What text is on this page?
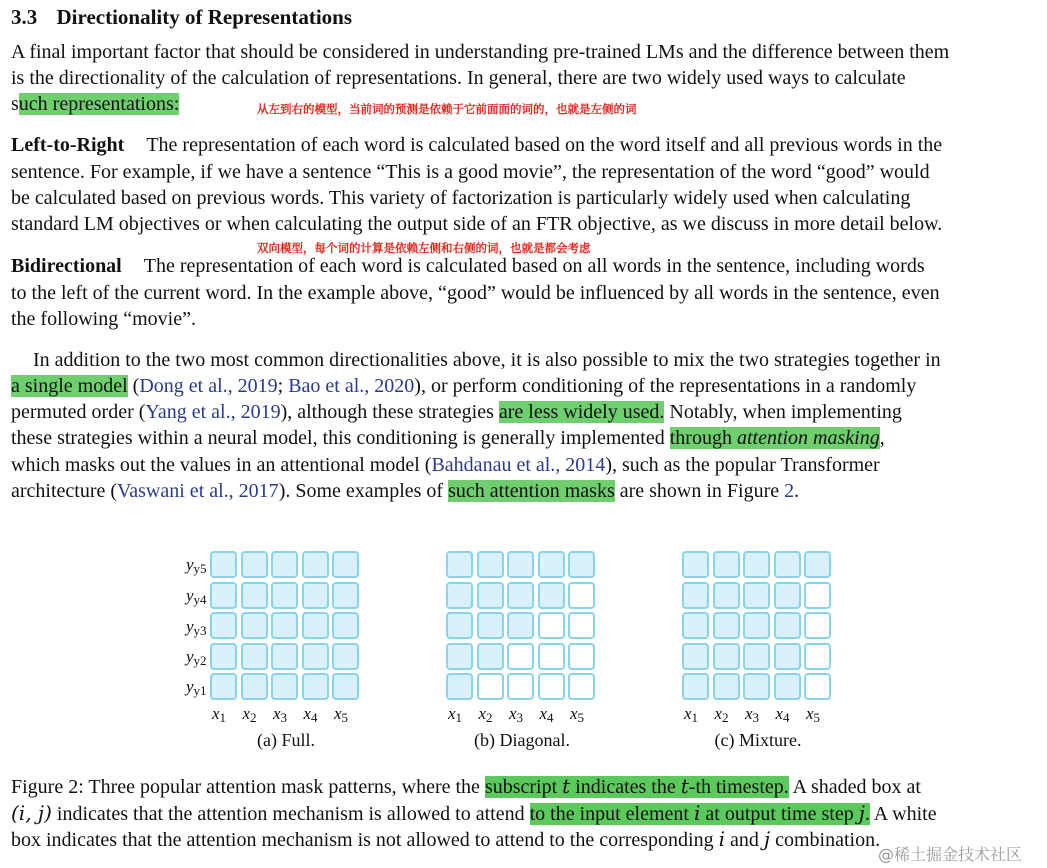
3.3 Directionality of Representations
A final important factor that should be considered in understanding pre-trained LMs and the difference between them
is the directionality of the calculation of representations. In general, there are two widely used ways to calculate
such representations:	从左到右的模型，当前词的预测是依赖于它前面面的词的，也就是左侧的词
Left-to-Right The representation of each word is calculated based on the word itself and all previous words in the
sentence. For example, if we have a sentence “This is a good movie”, the representation of the word “good” would
be calculated based on previous words. This variety of factorization is particularly widely used when calculating
standard LM objectives or when calculating the output side of an FTR objective, as we discuss in more detail below.
双向模型，每个词的计算是依赖左侧和右侧的词，也就是都会考虑
Bidirectional The representation of each word is calculated based on all words in the sentence, including words
to the left of the current word. In the example above, “good” would be influenced by all words in the sentence, even
the following “movie”.
In addition to the two most common directionalities above, it is also possible to mix the two strategies together in
a single model (Dong et al., 2019; Bao et al., 2020), or perform conditioning of the representations in a randomly
permuted order (Yang et al., 2019), although these strategies are less widely used. Notably, when implementing
these strategies within a neural model, this conditioning is generally implemented through attention masking,
which masks out the values in an attentional model (Bahdanau et al., 2014), such as the popular Transformer
architecture (Vaswani et al., 2017). Some examples of such attention masks are shown in Figure 2.
$y_{y5}$
$y_{y4}$
$y_{y3}$
$y_{y2}$
$y_{y1}$
$x_1$ $x_2$ $x_3$ $x_4$ $x_5$	$x_1$ $x_2$ $x_3$ $x_4$ $x_5$	$x_1$ $x_2$ $x_3$ $x_4$ $x_5$
(a) Full.	(b) Diagonal.	(c) Mixture.
Figure 2: Three popular attention mask patterns, where the subscript t indicates the t-th timestep. A shaded box at
(i, j) indicates that the attention mechanism is allowed to attend to the input element i at output time step j. A white
box indicates that the attention mechanism is not allowed to attend to the corresponding i and j combination.
@稀土掘金技术社区
